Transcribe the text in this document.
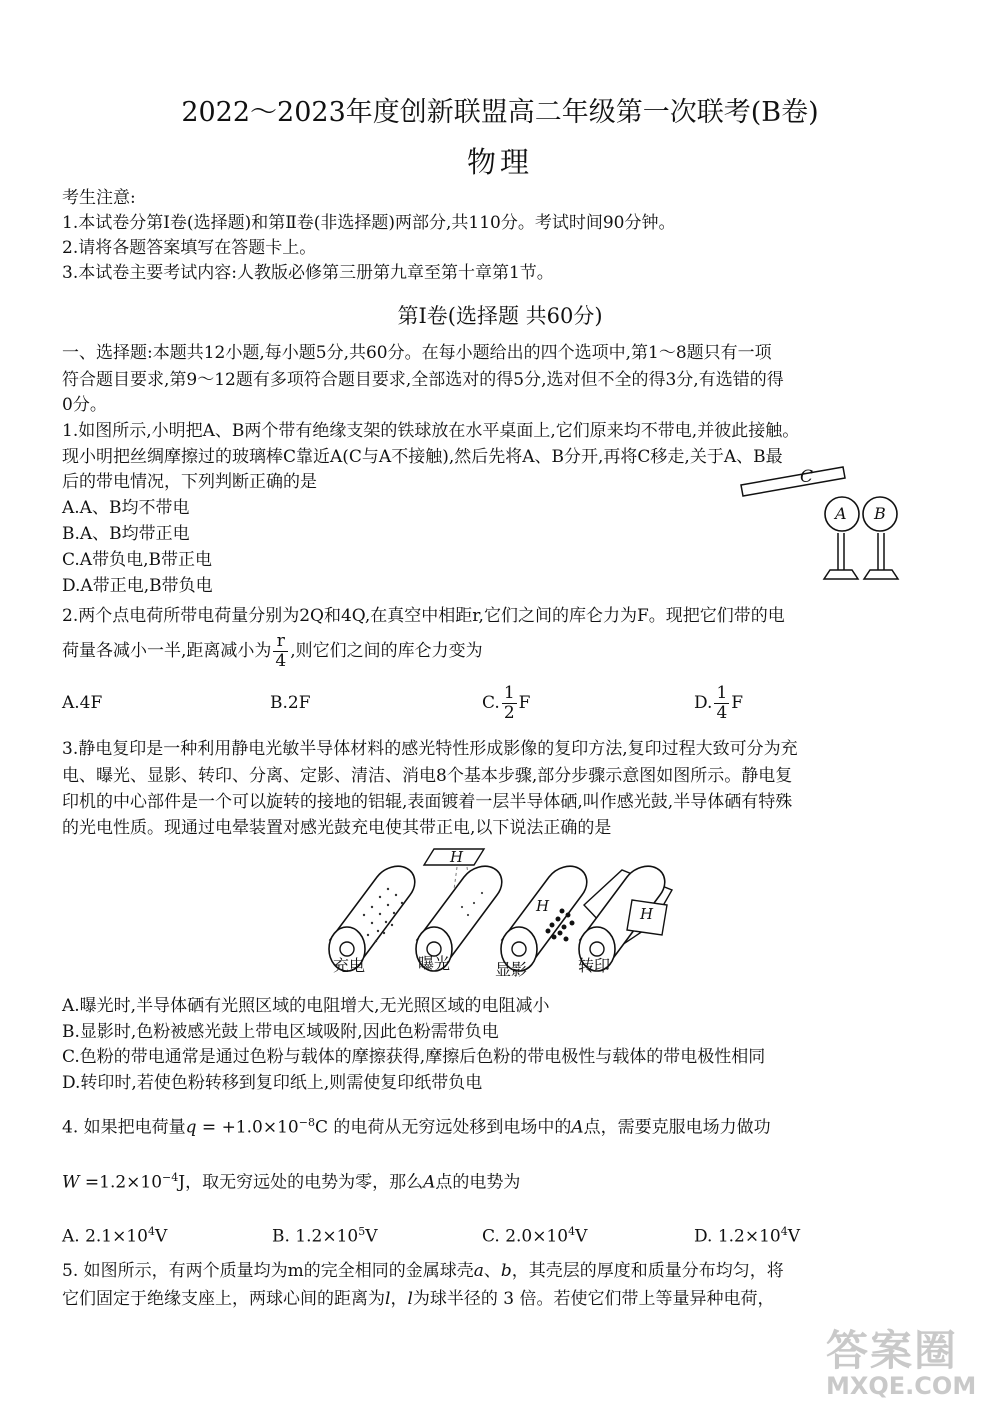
2022～2023年度创新联盟高二年级第一次联考(B卷)
物理
考生注意:
1.本试卷分第Ⅰ卷(选择题)和第Ⅱ卷(非选择题)两部分,共110分。考试时间90分钟。
2.请将各题答案填写在答题卡上。
3.本试卷主要考试内容:人教版必修第三册第九章至第十章第1节。
第Ⅰ卷(选择题 共60分)
一、选择题:本题共12小题,每小题5分,共60分。在每小题给出的四个选项中,第1～8题只有一项
符合题目要求,第9～12题有多项符合题目要求,全部选对的得5分,选对但不全的得3分,有选错的得
0分。
1.如图所示,小明把A、B两个带有绝缘支架的铁球放在水平桌面上,它们原来均不带电,并彼此接触。
现小明把丝绸摩擦过的玻璃棒C靠近A(C与A不接触),然后先将A、B分开,再将C移走,关于A、B最
后的带电情况，下列判断正确的是
A.A、B均不带电
B.A、B均带正电
C.A带负电,B带正电
D.A带正电,B带负电
C
A B
2.两个点电荷所带电荷量分别为2Q和4Q,在真空中相距r,它们之间的库仑力为F。现把它们带的电
荷量各减小一半,距离减小为 $\frac{r}{4}$ ,则它们之间的库仑力变为
A.4F	B.2F	C. $\frac{1}{2}$ F	D. $\frac{1}{4}$ F
3.静电复印是一种利用静电光敏半导体材料的感光特性形成影像的复印方法,复印过程大致可分为充
电、曝光、显影、转印、分离、定影、清洁、消电8个基本步骤,部分步骤示意图如图所示。静电复
印机的中心部件是一个可以旋转的接地的铝辊,表面镀着一层半导体硒,叫作感光鼓,半导体硒有特殊
的光电性质。现通过电晕装置对感光鼓充电使其带正电,以下说法正确的是
H
H	H
充电	曝光	显影	转印
A.曝光时,半导体硒有光照区域的电阻增大,无光照区域的电阻减小
B.显影时,色粉被感光鼓上带电区域吸附,因此色粉需带负电
C.色粉的带电通常是通过色粉与载体的摩擦获得,摩擦后色粉的带电极性与载体的带电极性相同
D.转印时,若使色粉转移到复印纸上,则需使复印纸带负电
4. 如果把电荷量$q = +1.0\times 10^{-8}C$ 的电荷从无穷远处移到电场中的A点，需要克服电场力做功
$W =1.2\times 10^{-4}J$，取无穷远处的电势为零，那么A点的电势为
A. $2.1\times 10^4V$	B. $1.2\times 10^5V$	C. $2.0\times 10^4V$	D. $1.2\times 10^4V$
5. 如图所示，有两个质量均为m的完全相同的金属球壳a、b，其壳层的厚度和质量分布均匀，将
它们固定于绝缘支座上，两球心间的距离为l，l为球半径的 3 倍。若使它们带上等量异种电荷，
答案圈
MXQE.COM
